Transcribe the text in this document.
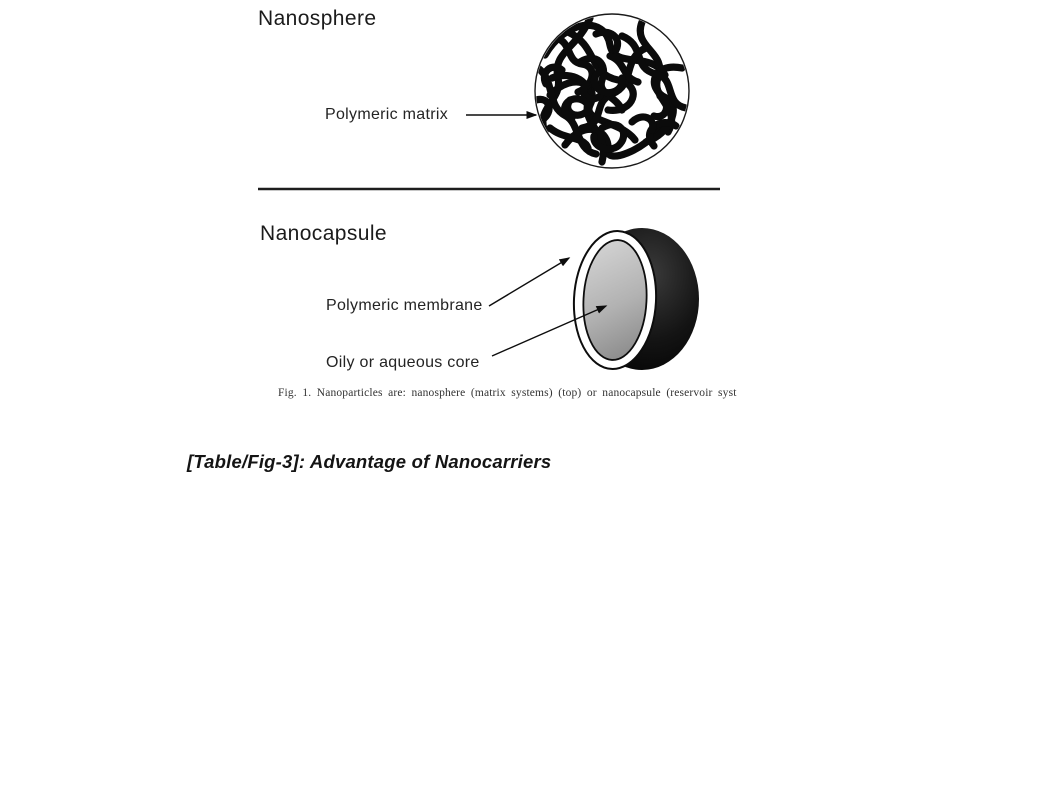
Nanosphere
Polymeric matrix
Nanocapsule
Polymeric membrane
Oily or aqueous core
Fig. 1. Nanoparticles are: nanosphere (matrix systems) (top) or nanocapsule (reservoir syst
[Table/Fig-3]: Advantage of Nanocarriers
